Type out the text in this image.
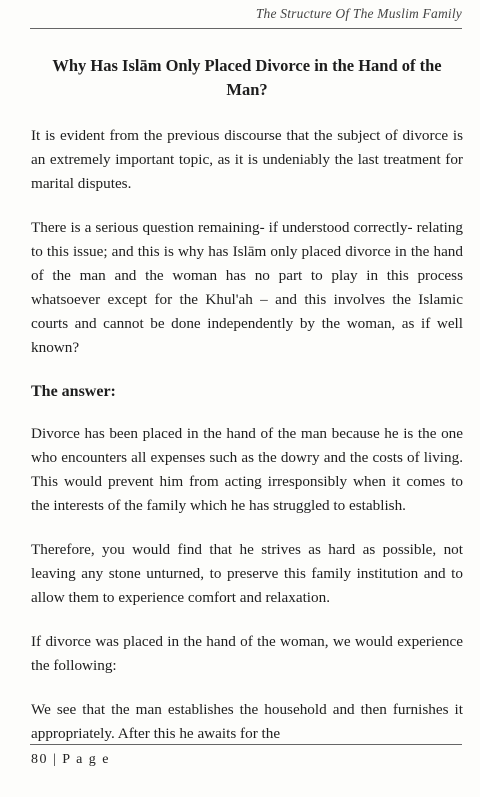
The Structure Of The Muslim Family
Why Has Islām Only Placed Divorce in the Hand of the Man?

It is evident from the previous discourse that the subject of divorce is an extremely important topic, as it is undeniably the last treatment for marital disputes.

There is a serious question remaining- if understood correctly- relating to this issue; and this is why has Islām only placed divorce in the hand of the man and the woman has no part to play in this process whatsoever except for the Khul'ah – and this involves the Islamic courts and cannot be done independently by the woman, as if well known?

The answer:

Divorce has been placed in the hand of the man because he is the one who encounters all expenses such as the dowry and the costs of living. This would prevent him from acting irresponsibly when it comes to the interests of the family which he has struggled to establish.

Therefore, you would find that he strives as hard as possible, not leaving any stone unturned, to preserve this family institution and to allow them to experience comfort and relaxation.

If divorce was placed in the hand of the woman, we would experience the following:

We see that the man establishes the household and then furnishes it appropriately. After this he awaits for the

80 | P a g e
